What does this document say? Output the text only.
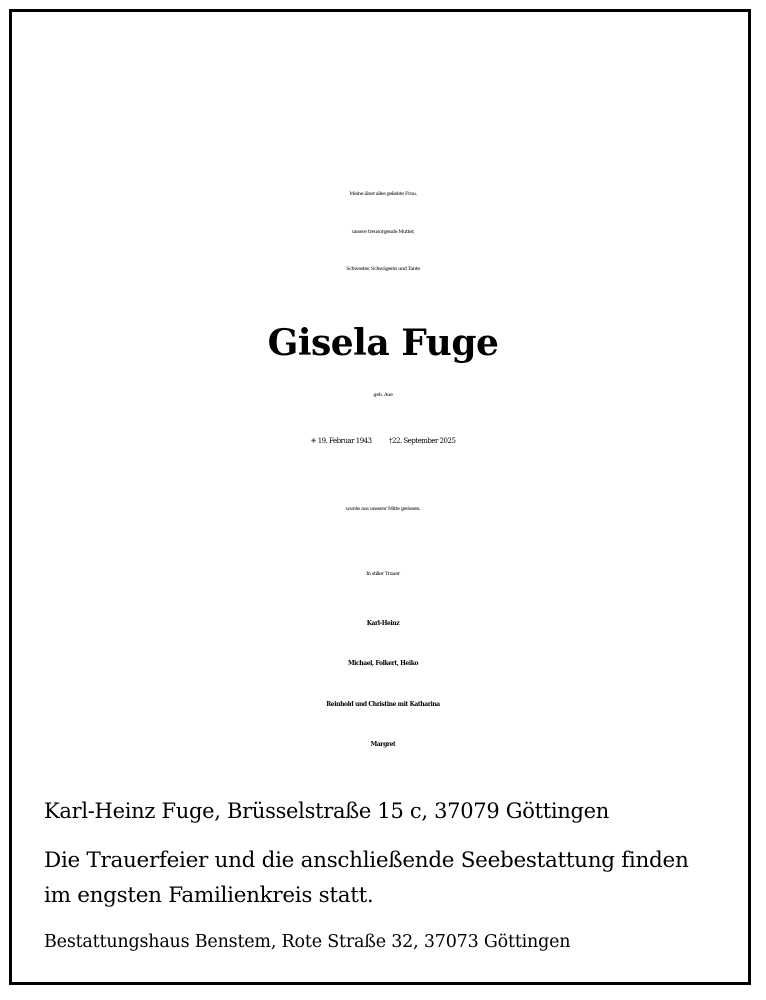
Meine über alles geliebte Frau,
unsere treusorgende Mutter,
Schwester, Schwägerin und Tante
Gisela Fuge
geb. Aue
✳ 19. Februar 1943 †22. September 2025
wurde aus unserer Mitte gerissen.
In stiller Trauer
Karl-Heinz
Michael, Folkert, Heiko
Reinhold und Christine mit Katharina
Margret
Karl-Heinz Fuge, Brüsselstraße 15 c, 37079 Göttingen
Die Trauerfeier und die anschließende Seebestattung finden
im engsten Familienkreis statt.
Bestattungshaus Benstem, Rote Straße 32, 37073 Göttingen
